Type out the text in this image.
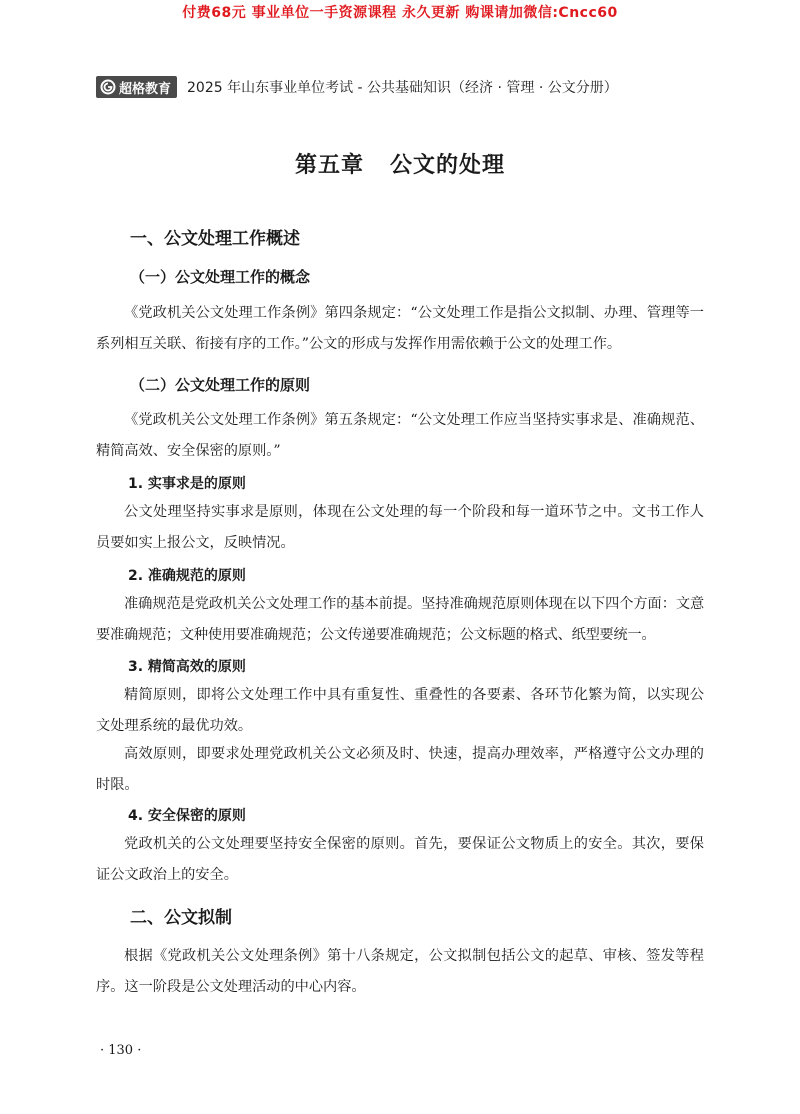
付费68元 事业单位一手资源课程 永久更新 购课请加微信:Cncc60
超格教育 2025 年山东事业单位考试 - 公共基础知识（经济 · 管理 · 公文分册）
第五章 公文的处理
一、公文处理工作概述
（一）公文处理工作的概念
《党政机关公文处理工作条例》第四条规定：“公文处理工作是指公文拟制、办理、管理等一系列相互关联、衔接有序的工作。”公文的形成与发挥作用需依赖于公文的处理工作。
（二）公文处理工作的原则
《党政机关公文处理工作条例》第五条规定：“公文处理工作应当坚持实事求是、准确规范、精简高效、安全保密的原则。”
1. 实事求是的原则
公文处理坚持实事求是原则，体现在公文处理的每一个阶段和每一道环节之中。文书工作人员要如实上报公文，反映情况。
2. 准确规范的原则
准确规范是党政机关公文处理工作的基本前提。坚持准确规范原则体现在以下四个方面：文意要准确规范；文种使用要准确规范；公文传递要准确规范；公文标题的格式、纸型要统一。
3. 精简高效的原则
精简原则，即将公文处理工作中具有重复性、重叠性的各要素、各环节化繁为简，以实现公文处理系统的最优功效。
高效原则，即要求处理党政机关公文必须及时、快速，提高办理效率，严格遵守公文办理的时限。
4. 安全保密的原则
党政机关的公文处理要坚持安全保密的原则。首先，要保证公文物质上的安全。其次，要保证公文政治上的安全。
二、公文拟制
根据《党政机关公文处理条例》第十八条规定，公文拟制包括公文的起草、审核、签发等程序。这一阶段是公文处理活动的中心内容。
· 130 ·
